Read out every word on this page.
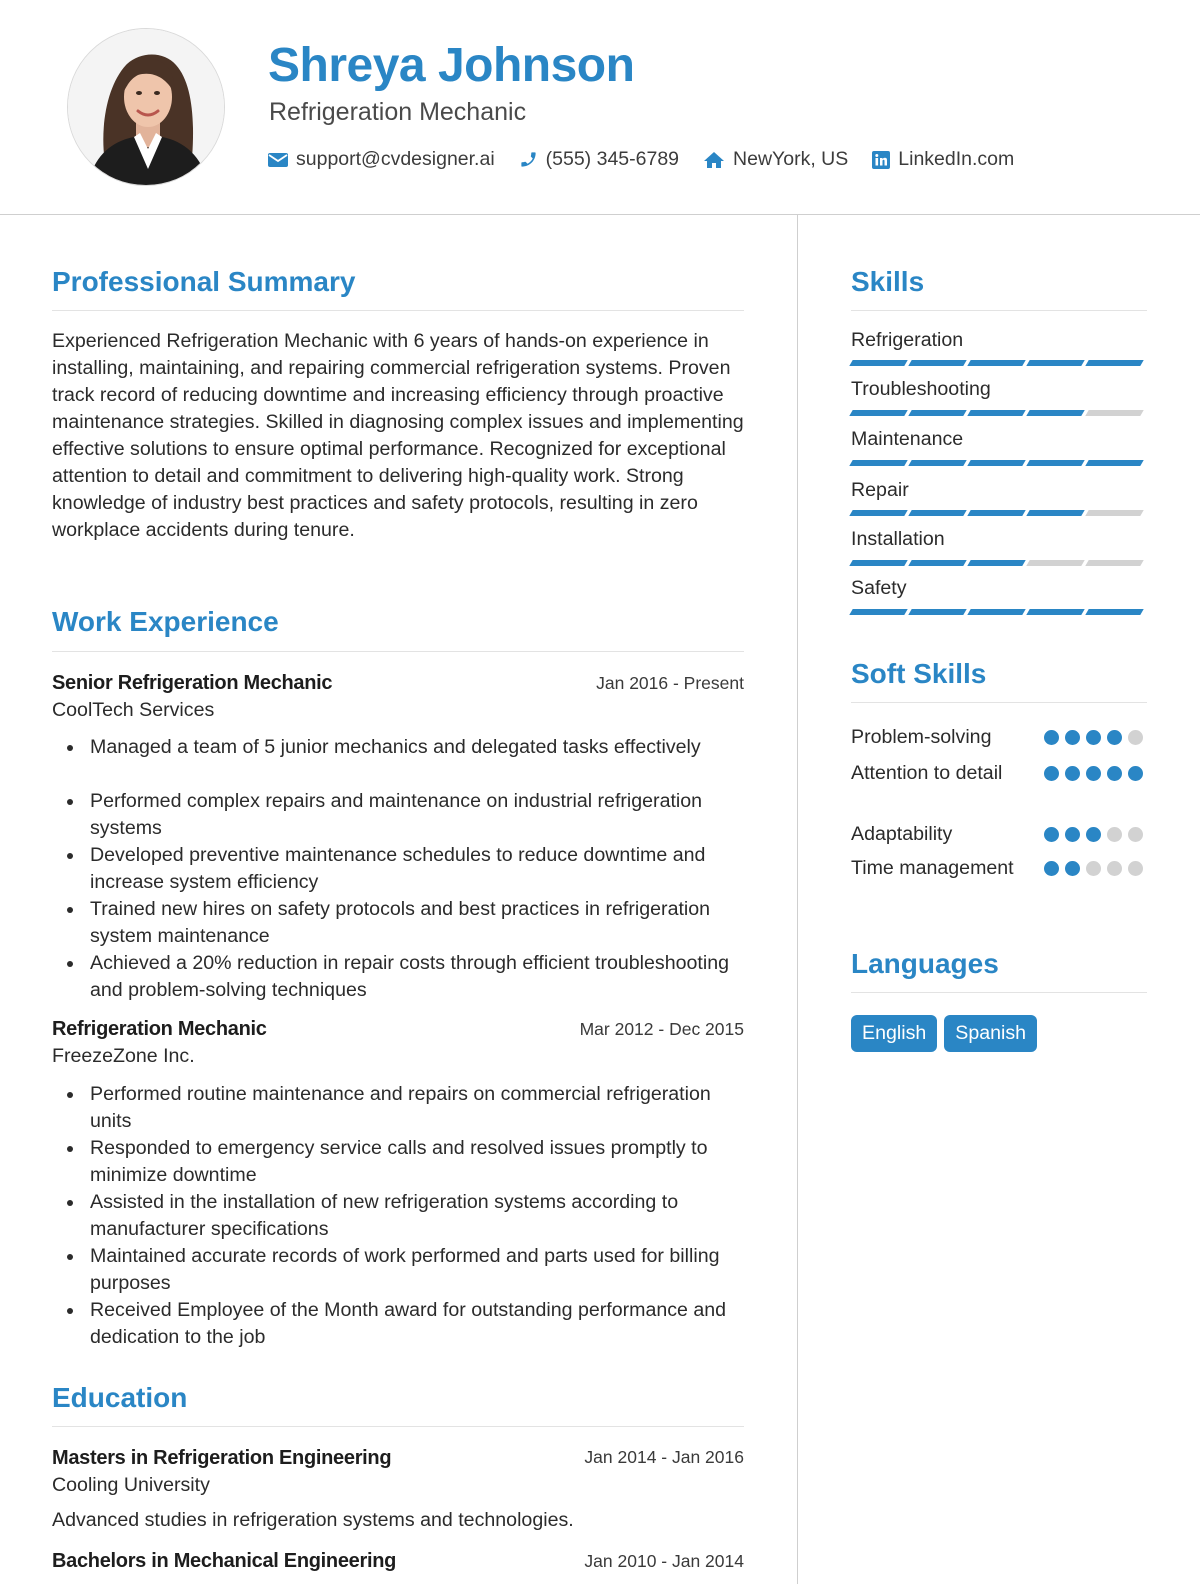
Shreya Johnson
Refrigeration Mechanic
support@cvdesigner.ai	(555) 345-6789	NewYork, US	LinkedIn.com
Professional Summary

Experienced Refrigeration Mechanic with 6 years of hands-on experience in installing, maintaining, and repairing commercial refrigeration systems. Proven track record of reducing downtime and increasing efficiency through proactive maintenance strategies. Skilled in diagnosing complex issues and implementing effective solutions to ensure optimal performance. Recognized for exceptional attention to detail and commitment to delivering high-quality work. Strong knowledge of industry best practices and safety protocols, resulting in zero workplace accidents during tenure.

Work Experience
Senior Refrigeration Mechanic	Jan 2016 - Present
CoolTech Services
Managed a team of 5 junior mechanics and delegated tasks effectively
Performed complex repairs and maintenance on industrial refrigeration systems
Developed preventive maintenance schedules to reduce downtime and increase system efficiency
Trained new hires on safety protocols and best practices in refrigeration system maintenance
Achieved a 20% reduction in repair costs through efficient troubleshooting and problem-solving techniques
Refrigeration Mechanic	Mar 2012 - Dec 2015
FreezeZone Inc.
Performed routine maintenance and repairs on commercial refrigeration units
Responded to emergency service calls and resolved issues promptly to minimize downtime
Assisted in the installation of new refrigeration systems according to manufacturer specifications
Maintained accurate records of work performed and parts used for billing purposes
Received Employee of the Month award for outstanding performance and dedication to the job
Education
Masters in Refrigeration Engineering	Jan 2014 - Jan 2016
Cooling University
Advanced studies in refrigeration systems and technologies.
Bachelors in Mechanical Engineering	Jan 2010 - Jan 2014
Skills
Refrigeration
Troubleshooting
Maintenance
Repair
Installation
Safety
Soft Skills
Problem-solving
Attention to detail
Adaptability
Time management
Languages
English	Spanish
